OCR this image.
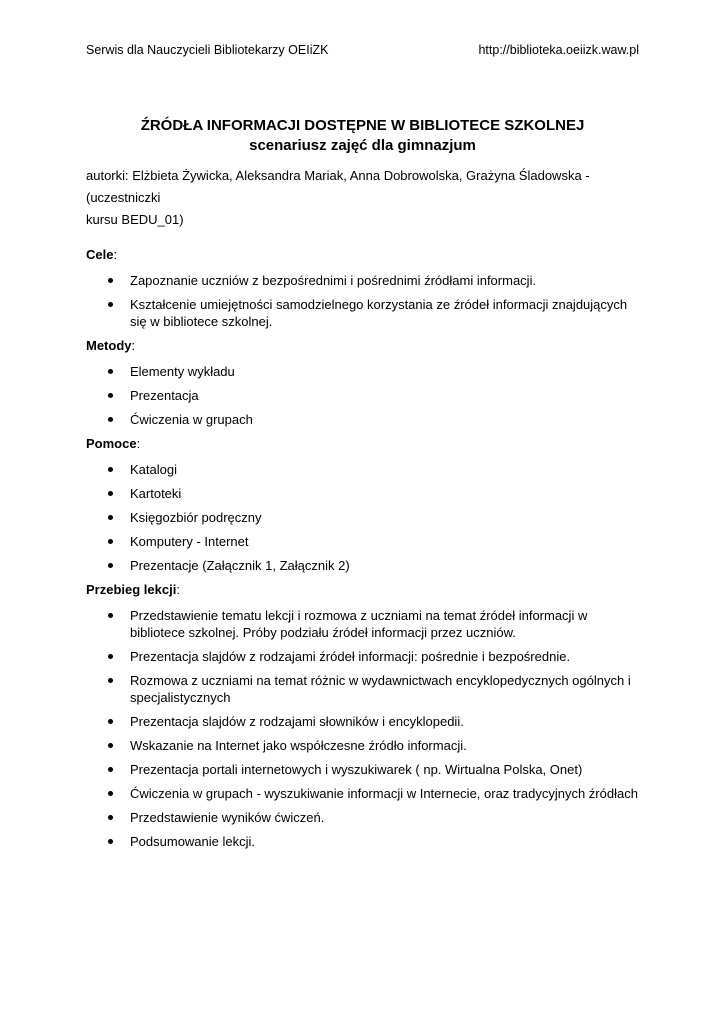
Serwis dla Nauczycieli Bibliotekarzy OEIiZK	http://biblioteka.oeiizk.waw.pl
ŹRÓDŁA INFORMACJI DOSTĘPNE W BIBLIOTECE SZKOLNEJ
scenariusz zajęć dla gimnazjum
autorki: Elżbieta Żywicka, Aleksandra Mariak, Anna Dobrowolska, Grażyna Śladowska - (uczestniczki
kursu BEDU_01)
Cele:
Zapoznanie uczniów z bezpośrednimi i pośrednimi źródłami informacji.
Kształcenie umiejętności samodzielnego korzystania ze źródeł informacji znajdujących się w bibliotece szkolnej.
Metody:
Elementy wykładu
Prezentacja
Ćwiczenia w grupach
Pomoce:
Katalogi
Kartoteki
Księgozbiór podręczny
Komputery - Internet
Prezentacje (Załącznik 1, Załącznik 2)
Przebieg lekcji:
Przedstawienie tematu lekcji i rozmowa z uczniami na temat źródeł informacji w bibliotece szkolnej. Próby podziału źródeł informacji przez uczniów.
Prezentacja slajdów z rodzajami źródeł informacji: pośrednie i bezpośrednie.
Rozmowa z uczniami na temat różnic w wydawnictwach encyklopedycznych ogólnych i specjalistycznych
Prezentacja slajdów z rodzajami słowników i encyklopedii.
Wskazanie na Internet jako współczesne źródło informacji.
Prezentacja portali internetowych i wyszukiwarek ( np. Wirtualna Polska, Onet)
Ćwiczenia w grupach - wyszukiwanie informacji w Internecie, oraz tradycyjnych źródłach
Przedstawienie wyników ćwiczeń.
Podsumowanie lekcji.
